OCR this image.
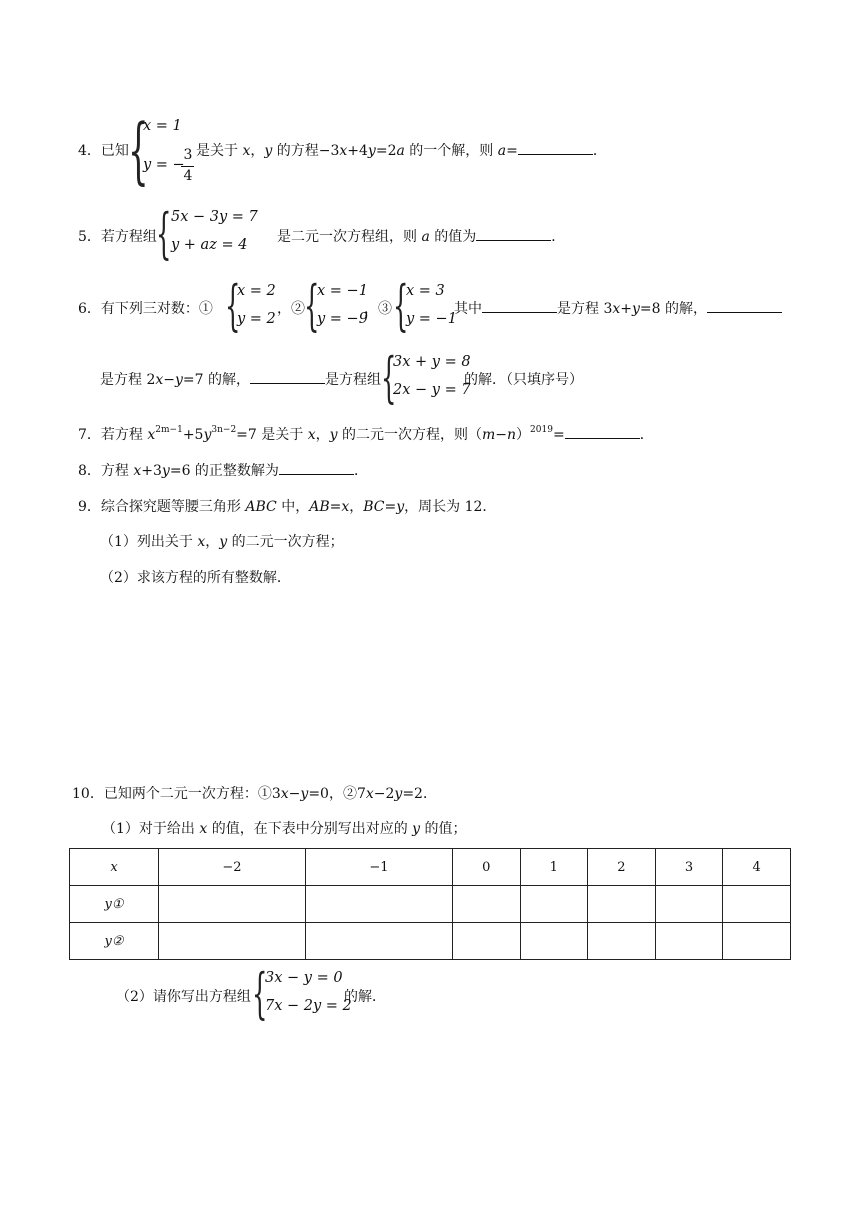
4．已知 {
x = 1
y = −
3
4
是关于 x，y 的方程−3x+4y=2a 的一个解，则 a=	．
5．若方程组 { 5x − 3y = 7
y + az = 4 是二元一次方程组，则 a 的值为	．
6．有下列三对数：① {
x = 2
y = 2
，② {
x = −1
y = −9
，③ {
x = 3
y = −1
其中	是方程 3x+y=8 的解，
是方程 2x−y=7 的解，	是方程组 {
3x + y = 8
2x − y = 7
的解．（只填序号）
7．若方程 $x^{2m-1}+5y^{3n-2}=7$ 是关于 x，y 的二元一次方程，则$(m-n)^{2019}=$	．
8．方程 x+3y=6 的正整数解为	．
9．综合探究题等腰三角形 ABC 中，AB=x，BC=y，周长为 12．
（1）列出关于 x，y 的二元一次方程；
（2）求该方程的所有整数解．
10．已知两个二元一次方程：①3x−y=0，②7x−2y=2．
（1）对于给出 x 的值，在下表中分别写出对应的 y 的值；
x	−2	−1	0	1	2	3	4
y①							
y②							
（2）请你写出方程组 {
3x − y = 0
7x − 2y = 2
的解．
